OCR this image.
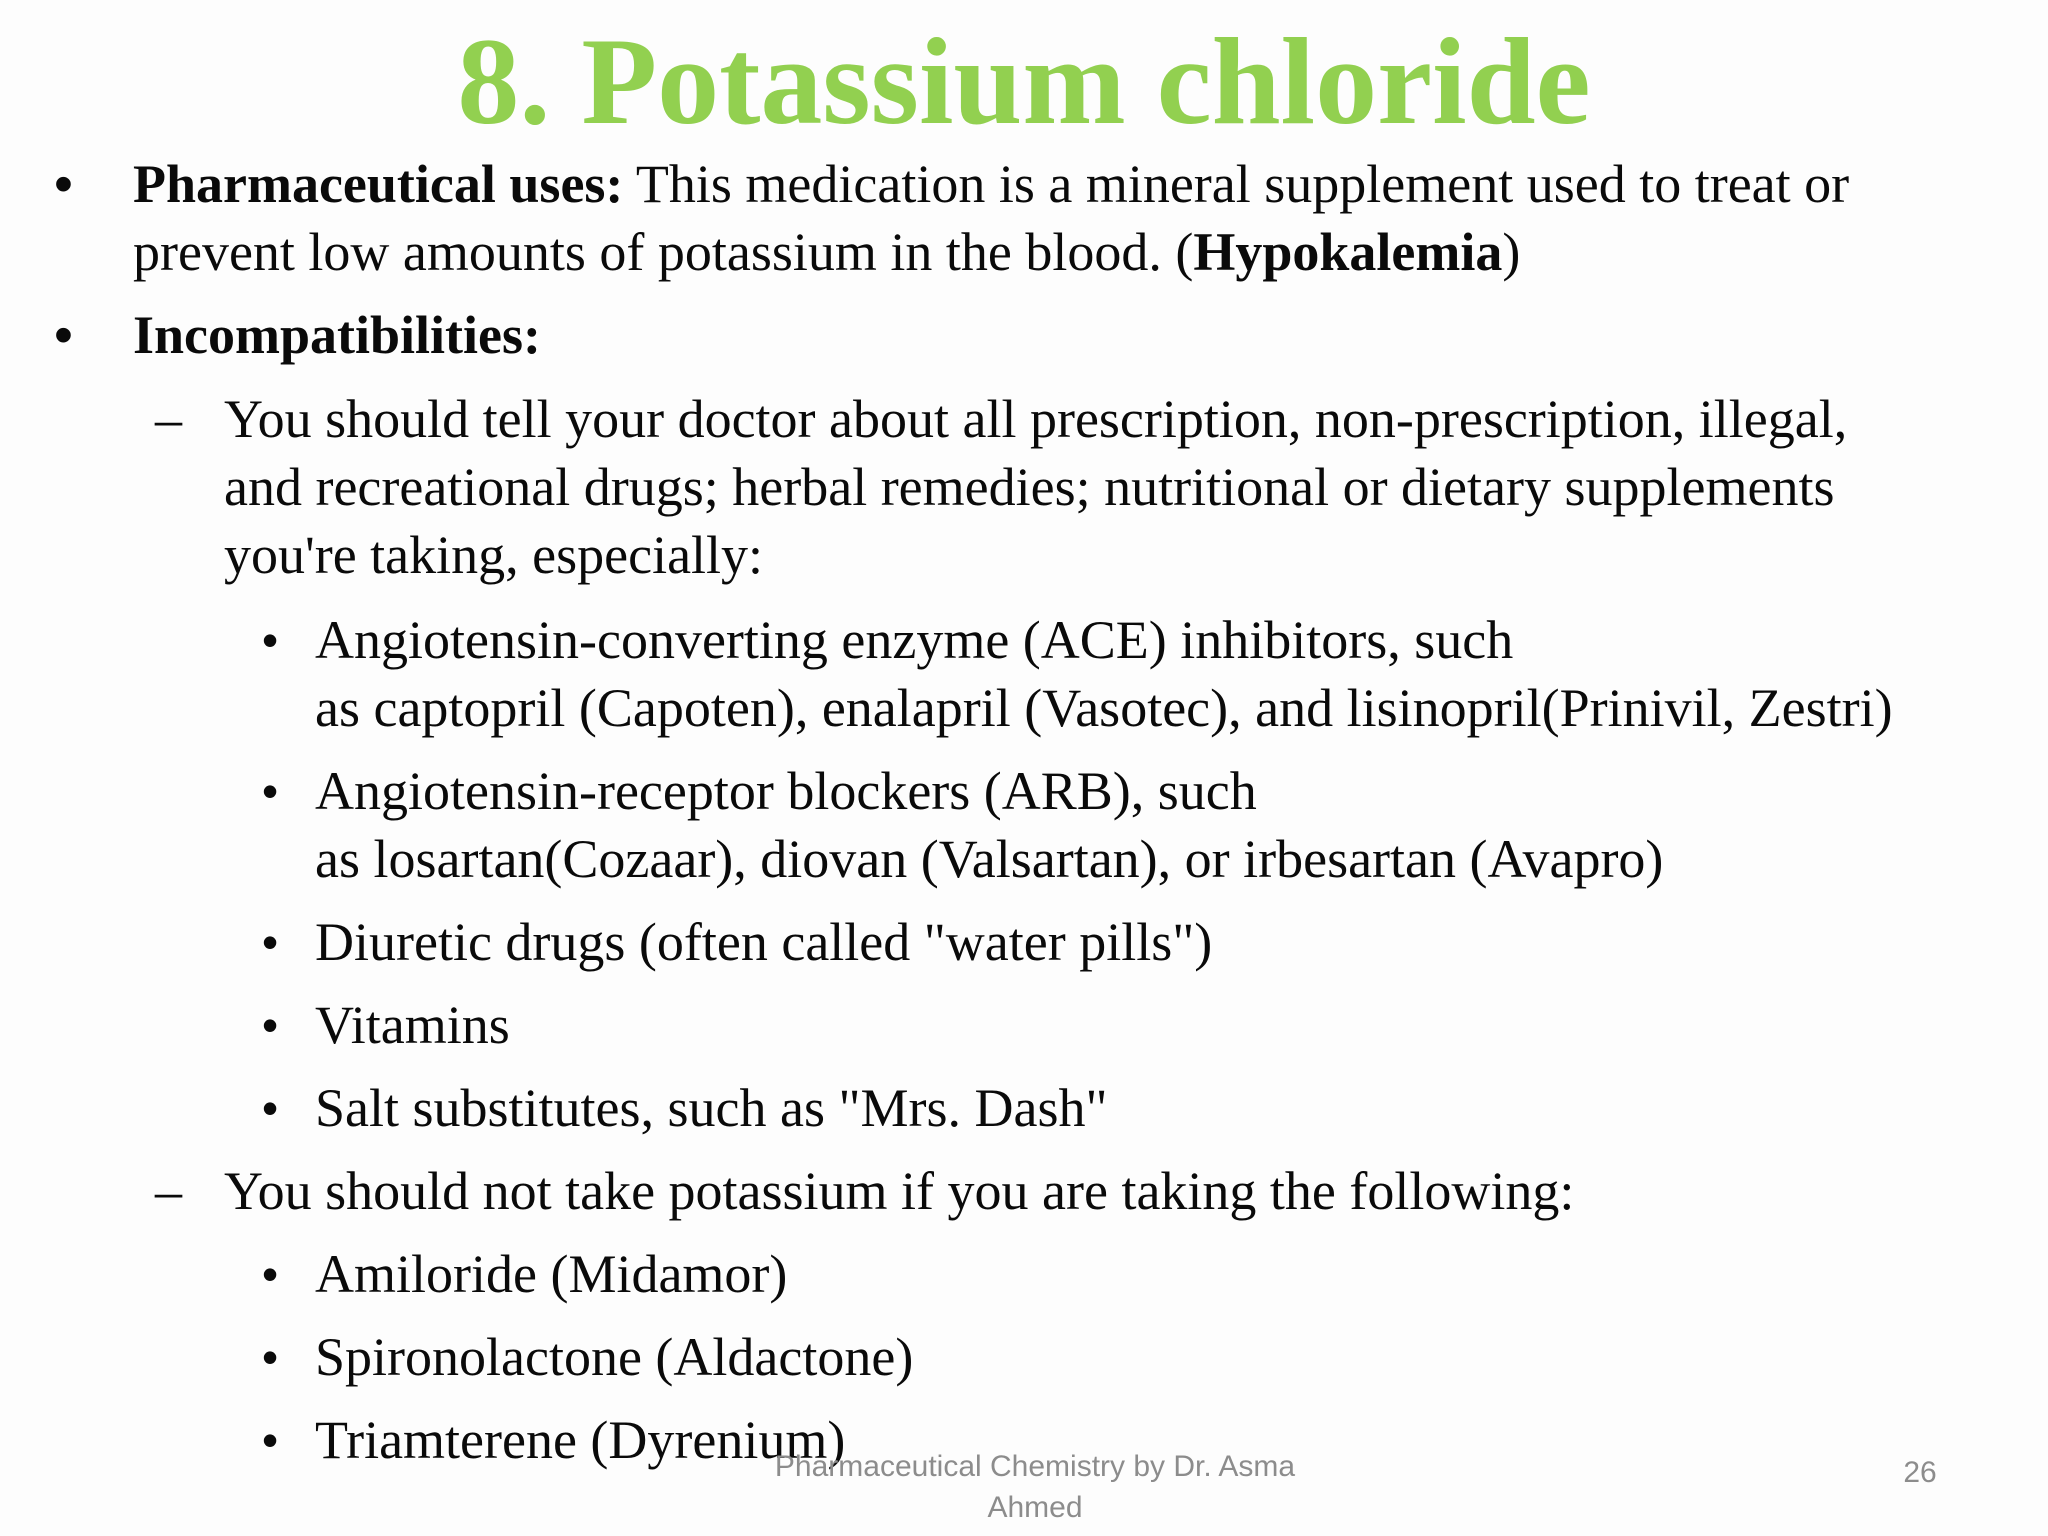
8. Potassium chloride
• Pharmaceutical uses: This medication is a mineral supplement used to treat or
prevent low amounts of potassium in the blood. (Hypokalemia)
• Incompatibilities:
– You should tell your doctor about all prescription, non-prescription, illegal,
and recreational drugs; herbal remedies; nutritional or dietary supplements
you're taking, especially:
• Angiotensin-converting enzyme (ACE) inhibitors, such
as captopril (Capoten), enalapril (Vasotec), and lisinopril(Prinivil, Zestri)
• Angiotensin-receptor blockers (ARB), such
as losartan(Cozaar), diovan (Valsartan), or irbesartan (Avapro)
• Diuretic drugs (often called "water pills")
• Vitamins
• Salt substitutes, such as "Mrs. Dash"
– You should not take potassium if you are taking the following:
• Amiloride (Midamor)
• Spironolactone (Aldactone)
• Triamterene (Dyrenium)
Pharmaceutical Chemistry by Dr. Asma
Ahmed
26
